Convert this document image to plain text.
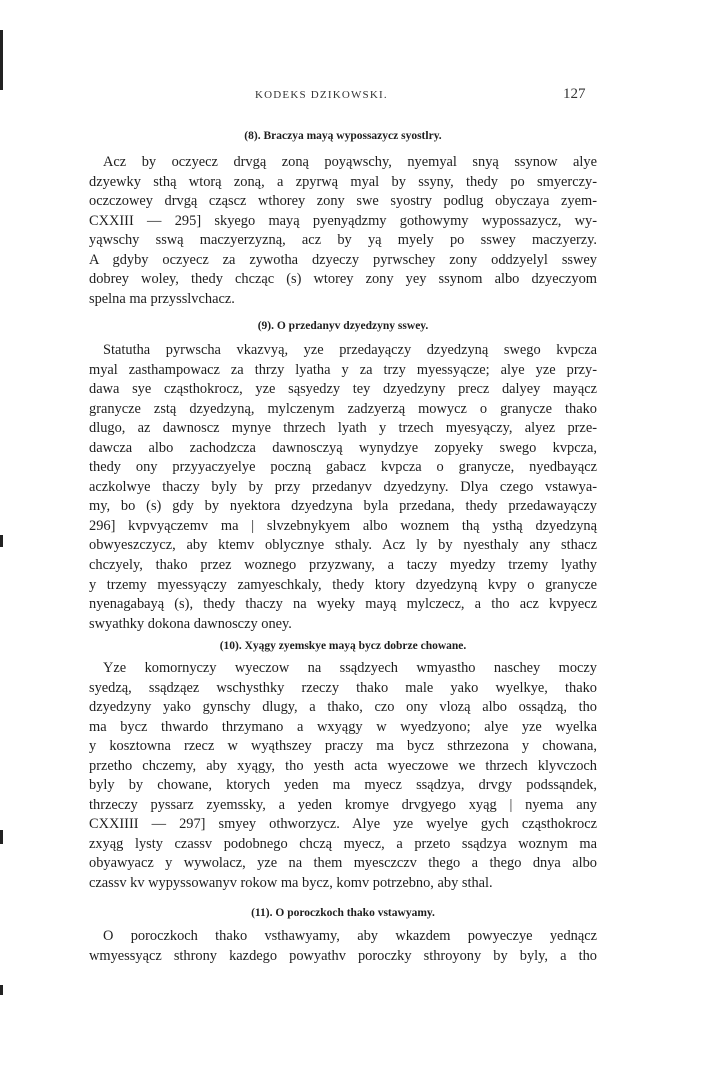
KODEKS DZIKOWSKI.	127

(8). Braczya mayą wypossazycz syostlry.

Acz by oczyecz drvgą zoną poyąwschy, nyemyal snyą ssynow alye
dzyewky sthą wtorą zoną, a zpyrwą myal by ssyny, thedy po smyerczy-
oczczowey drvgą cząscz wthorey zony swe syostry podlug obyczaya zyem-
CXXIII — 295] skyego mayą pyenyądzmy gothowymy wypossazycz, wy-
yąwschy sswą maczyerzyzną, acz by yą myely po sswey maczyerzy.
A gdyby oczyecz za zywotha dzyeczy pyrwschey zony oddzyelyl sswey
dobrey woley, thedy chcząc (s) wtorey zony yey ssynom albo dzyeczyom
spelna ma przysslvchacz.

(9). O przedanyv dzyedzyny sswey.

Statutha pyrwscha vkazvyą, yze przedayączy dzyedzyną swego kvpcza
myal zasthampowacz za thrzy lyatha y za trzy myessyącze; alye yze przy-
dawa sye cząsthokrocz, yze sąsyedzy tey dzyedzyny precz dalyey mayącz
granycze zstą dzyedzyną, mylczenym zadzyerzą mowycz o granycze thako
dlugo, az dawnoscz mynye thrzech lyath y trzech myesyączy, alyez prze-
dawcza albo zachodzcza dawnosczyą wynydzye zopyeky swego kvpcza,
thedy ony przyyaczyelye poczną gabacz kvpcza o granycze, nyedbayącz
aczkolwye thaczy byly by przy przedanyv dzyedzyny. Dlya czego vstawya-
my, bo (s) gdy by nyektora dzyedzyna byla przedana, thedy przedawayączy
296] kvpvyączemv ma | slvzebnykyem albo woznem thą ysthą dzyedzyną
obwyeszczycz, aby ktemv oblycznye sthaly. Acz ly by nyesthaly any sthacz
chczyely, thako przez woznego przyzwany, a taczy myedzy trzemy lyathy
y trzemy myessyączy zamyeschkaly, thedy ktory dzyedzyną kvpy o granycze
nyenagabayą (s), thedy thaczy na wyeky mayą mylczecz, a tho acz kvpyecz
swyathky dokona dawnosczy oney.

(10). Xyągy zyemskye mayą bycz dobrze chowane.

Yze komornyczy wyeczow na ssądzyech wmyastho naschey moczy
syedzą, ssądząez wschysthky rzeczy thako male yako wyelkye, thako
dzyedzyny yako gynschy dlugy, a thako, czo ony vlozą albo ossądzą, tho
ma bycz thwardo thrzymano a wxyągy w wyedzyono; alye yze wyelka
y kosztowna rzecz w wyąthszey praczy ma bycz sthrzezona y chowana,
przetho chczemy, aby xyągy, tho yesth acta wyeczowe we thrzech klyvczoch
byly by chowane, ktorych yeden ma myecz ssądzya, drvgy podssąndek,
thrzeczy pyssarz zyemssky, a yeden kromye drvgyego xyąg | nyema any
CXXIIII — 297] smyey othworzycz. Alye yze wyelye gych cząsthokrocz
zxyąg lysty czassv podobnego chczą myecz, a przeto ssądzya woznym ma
obyawyacz y wywolacz, yze na them myesczczv thego a thego dnya albo
czassv kv wypyssowanyv rokow ma bycz, komv potrzebno, aby sthal.

(11). O poroczkoch thako vstawyamy.

O poroczkoch thako vsthawyamy, aby wkazdem powyeczye yednącz
wmyessyącz sthrony kazdego powyathv poroczky sthroyony by byly, a tho
